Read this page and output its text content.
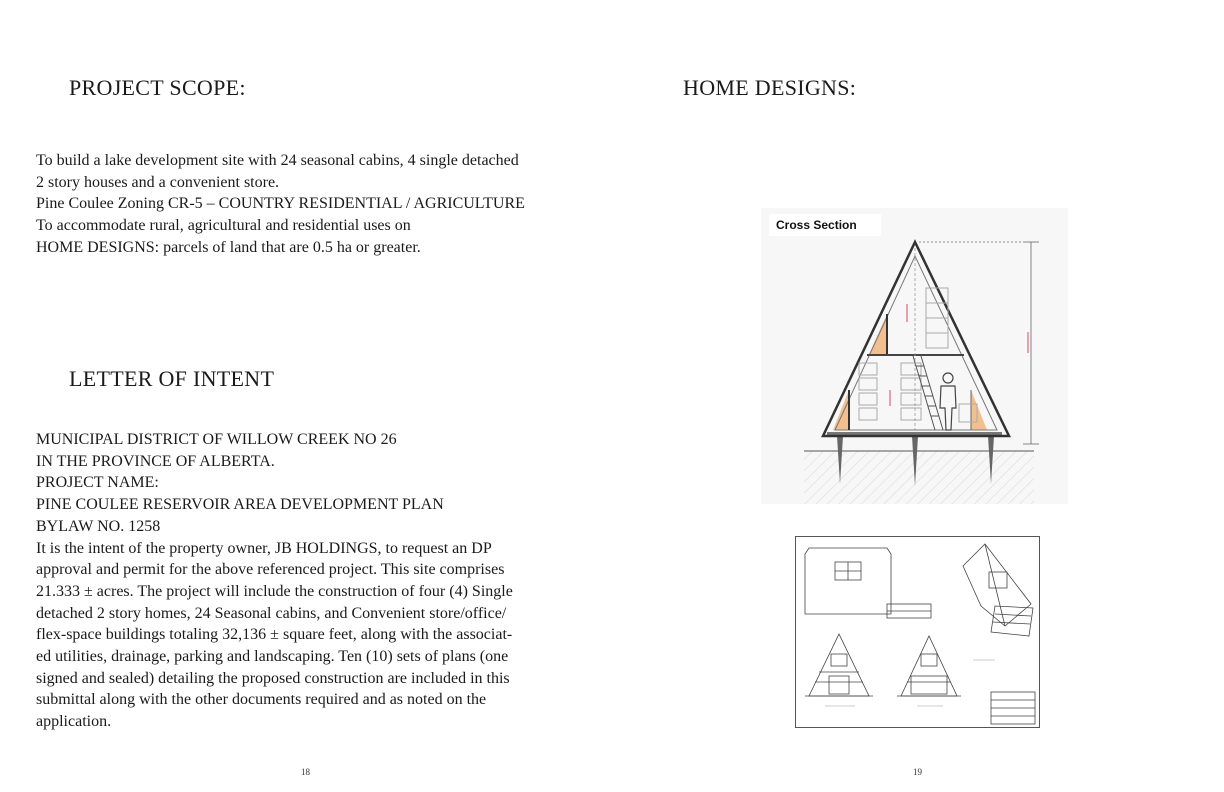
PROJECT SCOPE:
To build a lake development site with 24 seasonal cabins, 4 single detached
2 story houses and a convenient store.
Pine Coulee Zoning CR-5 – COUNTRY RESIDENTIAL / AGRICULTURE
To accommodate rural, agricultural and residential uses on
HOME DESIGNS: parcels of land that are 0.5 ha or greater.
LETTER OF INTENT
MUNICIPAL DISTRICT OF WILLOW CREEK NO 26
IN THE PROVINCE OF ALBERTA.
PROJECT NAME:
PINE COULEE RESERVOIR AREA DEVELOPMENT PLAN
BYLAW NO. 1258
It is the intent of the property owner, JB HOLDINGS, to request an DP
approval and permit for the above referenced project. This site comprises
21.333 ± acres. The project will include the construction of four (4) Single
detached 2 story homes, 24 Seasonal cabins, and Convenient store/office/
flex-space buildings totaling 32,136 ± square feet, along with the associat-
ed utilities, drainage, parking and landscaping. Ten (10) sets of plans (one
signed and sealed) detailing the proposed construction are included in this
submittal along with the other documents required and as noted on the
application.
18
HOME DESIGNS:
Cross Section
19
